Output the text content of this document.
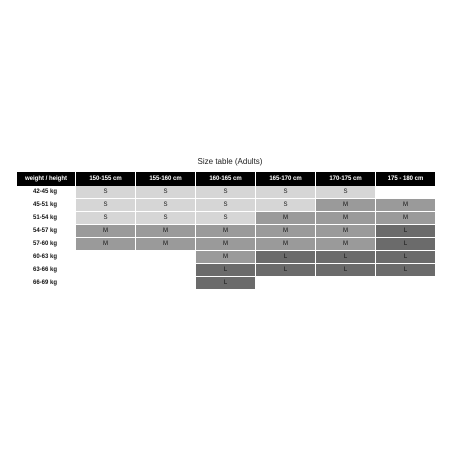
Size table (Adults)
weight / height	150-155 cm	155-160 cm	160-165 cm	165-170 cm	170-175 cm	175 - 180 cm
42-45 kg	S	S	S	S	S	
45-51 kg	S	S	S	S	M	M
51-54 kg	S	S	S	M	M	M
54-57 kg	M	M	M	M	M	L
57-60 kg	M	M	M	M	M	L
60-63 kg			M	L	L	L
63-66 kg			L	L	L	L
66-69 kg			L			
